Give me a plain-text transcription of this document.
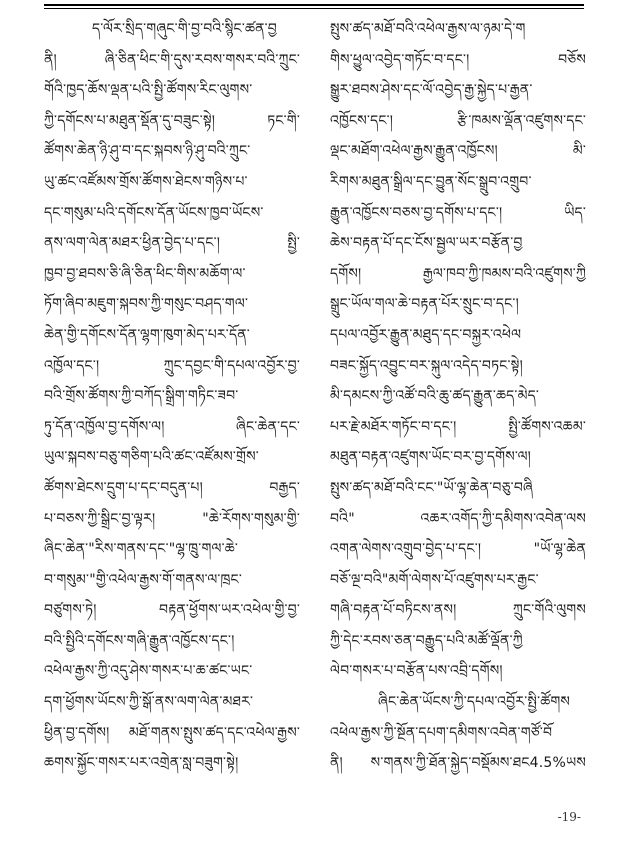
ད་ལོར་སྲིད་གཞུང་གི་བྱ་བའི་སྙིང་ཚན་བྱ
ནི། ཞི་ཅིན་ཕིང་གི་དུས་རབས་གསར་བའི་ཀྲུང་
གོའི་ཁྱད་ཆོས་ལྡན་པའི་སྤྱི་ཚོགས་རིང་ལུགས་
ཀྱི་དགོངས་པ་མཐུན་སྡོན་དུ་བཟུང་སྟེ། ཏང་གི་
ཚོགས་ཆེན་ཉི་ཤུ་བ་དང་སྐབས་ཉི་ཤུ་བའི་ཀྲུང་
ཡུ་ཚང་འཛོམས་གྲོས་ཚོགས་ཐེངས་གཉིས་པ་
དང་གསུམ་པའི་དགོངས་དོན་ཡོངས་ཁྱབ་ཡོངས་
ནས་ལག་ལེན་མཐར་ཕྱིན་བྱེད་པ་དང་། སྤྱི་
ཁྱབ་བྱ་ཐབས་ཅི་ཞི་ཅིན་ཕིང་གིས་མཆོག་ལ་
ཏོག་ཞིབ་མཇུག་སྐབས་ཀྱི་གསུང་བཤད་གལ་
ཆེན་གྱི་དགོངས་དོན་ལྷག་ཁུག་མེད་པར་དོན་
འཁྱོལ་དང་། ཀྲུང་དབྱང་གི་དཔལ་འབྱོར་བྱ་
བའི་གྲོས་ཚོགས་ཀྱི་བཀོད་སྒྲིག་གཏིང་ཟབ་
ཏུ་དོན་འཁྱོལ་བྱ་དགོས་ལ། ཞིང་ཆེན་དང་
ཡུལ་སྐབས་བཅུ་གཅིག་པའི་ཚང་འཛོམས་གྲོས་
ཚོགས་ཐེངས་དྲུག་པ་དང་བདུན་པ། བརྒྱད་
པ་བཅས་ཀྱི་སྒྲིང་བྱ་ལྟར། "ཆེ་རོགས་གསུམ་གྱི་
ཞིང་ཆེན་"རིས་གནས་དང་"ལྷ་ཁྲུ་གལ་ཆེ་
བ་གསུམ་"གྱི་འཕེལ་རྒྱས་གོ་གནས་ལ་ཁྲང་
བཙུགས་ཏེ། བརྟན་ཕྱོགས་ཡར་འཕེལ་གྱི་བྱ་
བའི་སྤྱིའི་དགོངས་གཞི་རྒྱུན་འཁྱོངས་དང་།
འཕེལ་རྒྱས་ཀྱི་འདུ་ཤེས་གསར་པ་ཆ་ཚང་ཡང་
དག་ཕྱོགས་ཡོངས་ཀྱི་སྒོ་ནས་ལག་ལེན་མཐར་
ཕྱིན་བྱ་དགོས། མཐོ་གནས་སྤུས་ཚད་དང་འཕེལ་རྒྱས་
ཆགས་སྐྱོང་གསར་པར་འགྲེན་སླ་བཟུག་སྟེ།
སྤུས་ཚད་མཐོ་བའི་འཕེལ་རྒྱས་ལ་ཉམ་དེ་ག
གིས་ཕྱུལ་འབྱེད་གཏོང་བ་དང་། བཅོས
སྒྱུར་ཐབས་ཤེས་དང་ལོ་འབྱེད་རྒྱ་སྐྱེད་པ་རྒྱན་
འཁྱོངས་དང་། རྩི་ཁམས་ལྡོན་འཛུགས་དང་
ལྡང་མཐོག་འཕེལ་རྒྱས་རྒྱུན་འཁྱོངས། མི་
རིགས་མཐུན་སྒྲིལ་དང་བྱུན་སོང་སྒྲུབ་འགྲུབ་
རྒྱུན་འཁྱོངས་བཅས་བྱ་དགོས་པ་དང་། ཡིད་
ཆེས་བརྟན་པོ་དང་ངོས་སྦྱལ་ཡར་བརྩོན་བྱ
དགོས། རྒྱལ་ཁབ་ཀྱི་ཁམས་བའི་འཛུགས་ཀྱི
སྒྲུང་ཡོལ་གལ་ཆེ་བརྟན་པོར་སྲུང་བ་དང་།
དཔལ་འབྱོར་རྒྱུན་མཐུད་དང་བསྐྱར་འཕེལ
བཟང་སྐྱོད་འབྱུང་བར་སྐུལ་འདེད་བཏང་སྟེ།
མི་དམངས་ཀྱི་འཚོ་བའི་ཆུ་ཚད་རྒྱུན་ཆད་མེད་
པར་རྗེ་མཐོར་གཏོང་བ་དང་། སྤྱི་ཚོགས་འཆམ་
མཐུན་བརྟན་འཛུགས་ཡོང་བར་བྱ་དགོས་ལ།
སྤུས་ཚད་མཐོ་བའི་ངང་"ཡོ་ལྷ་ཆེན་བཅུ་བཞི
བའི" འཆར་འགོད་ཀྱི་དམིགས་འབེན་ལས
འགན་ལེགས་འགྲུབ་བྱེད་པ་དང་། "ཡོ་ལྷ་ཆེན
བཅོ་ལྔ་བའི"མགོ་ལེགས་པོ་འཛུགས་པར་རྒྱང་
གཞི་བརྟན་པོ་བཏིངས་ནས། ཀྲུང་གོའི་ལུགས
ཀྱི་དེང་རབས་ཅན་བརྒྱུད་པའི་མཚོ་ལྡོན་ཀྱི
ལེབ་གསར་པ་བརྩོན་པས་འབྲི་དགོས།
ཞིང་ཆེན་ཡོངས་ཀྱི་དཔལ་འབྱོར་སྤྱི་ཚོགས
འཕེལ་རྒྱས་ཀྱི་སྔོན་དཔག་དམིགས་འབེན་གཙོ་བོ
ནི། ས་གནས་ཀྱི་ཐོན་སྐྱེད་བསྡོམས་ཐང4.5%ཡས
-19-
